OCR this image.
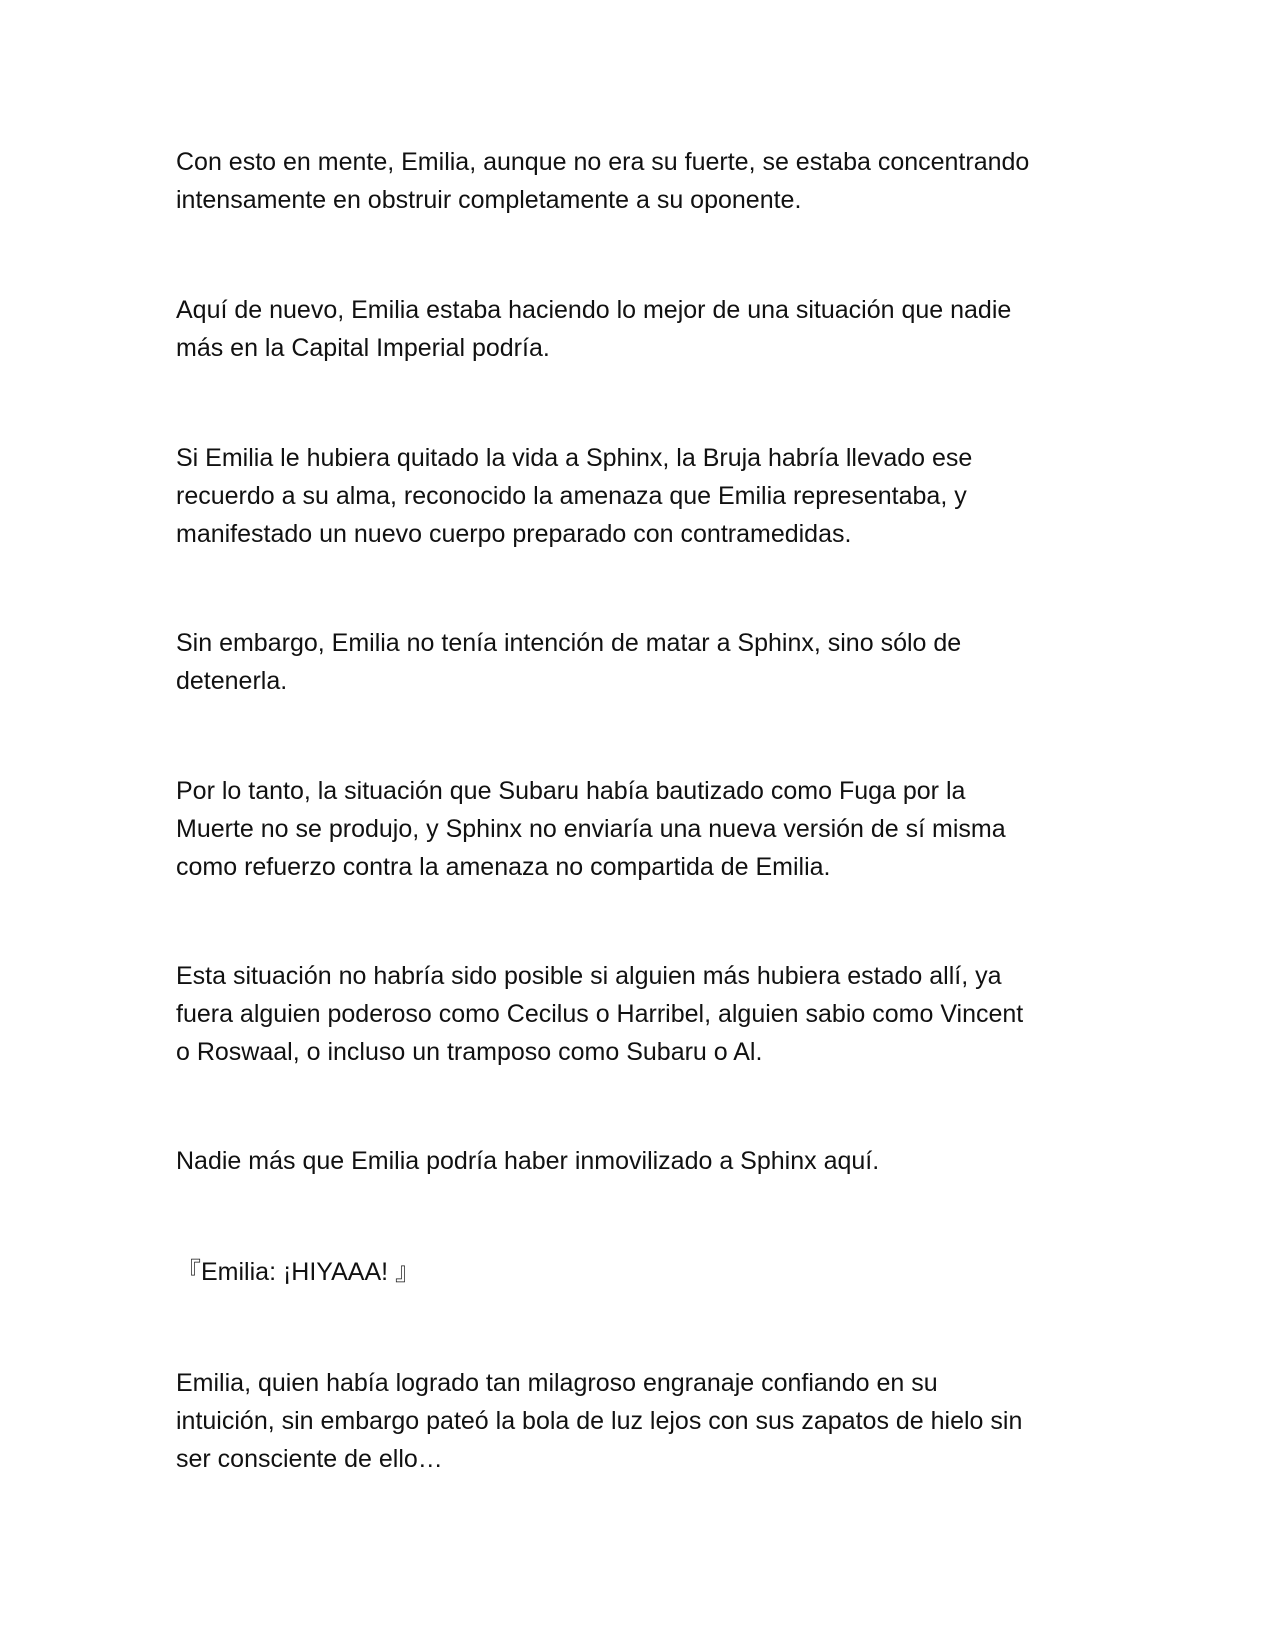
Con esto en mente, Emilia, aunque no era su fuerte, se estaba concentrando
intensamente en obstruir completamente a su oponente.

Aquí de nuevo, Emilia estaba haciendo lo mejor de una situación que nadie
más en la Capital Imperial podría.

Si Emilia le hubiera quitado la vida a Sphinx, la Bruja habría llevado ese
recuerdo a su alma, reconocido la amenaza que Emilia representaba, y
manifestado un nuevo cuerpo preparado con contramedidas.

Sin embargo, Emilia no tenía intención de matar a Sphinx, sino sólo de
detenerla.

Por lo tanto, la situación que Subaru había bautizado como Fuga por la
Muerte no se produjo, y Sphinx no enviaría una nueva versión de sí misma
como refuerzo contra la amenaza no compartida de Emilia.

Esta situación no habría sido posible si alguien más hubiera estado allí, ya
fuera alguien poderoso como Cecilus o Harribel, alguien sabio como Vincent
o Roswaal, o incluso un tramposo como Subaru o Al.

Nadie más que Emilia podría haber inmovilizado a Sphinx aquí.

『Emilia: ¡HIYAAA! 』

Emilia, quien había logrado tan milagroso engranaje confiando en su
intuición, sin embargo pateó la bola de luz lejos con sus zapatos de hielo sin
ser consciente de ello…
